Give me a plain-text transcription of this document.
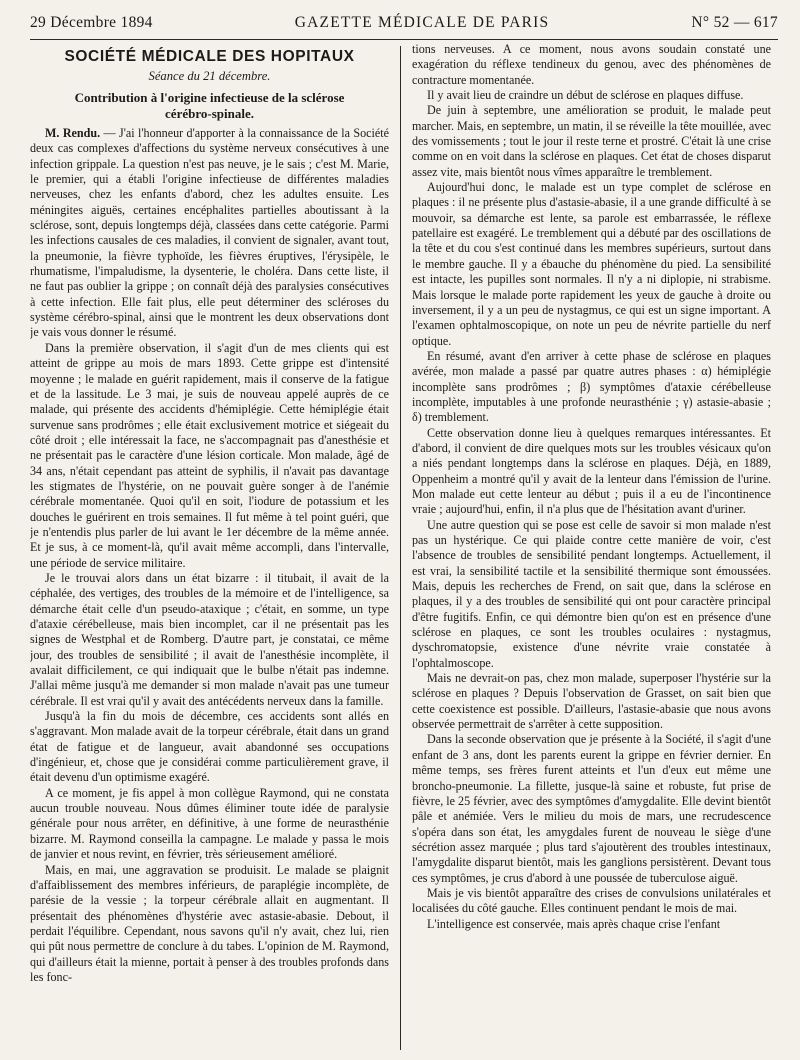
29 Décembre 1894	GAZETTE MÉDICALE DE PARIS	N° 52 — 617
SOCIÉTÉ MÉDICALE DES HOPITAUX
Séance du 21 décembre.
Contribution à l'origine infectieuse de la sclérose
cérébro-spinale.

M. Rendu. — J'ai l'honneur d'apporter à la connaissance de la Société deux cas complexes d'affections du système nerveux consécutives à une infection grippale. La question n'est pas neuve, je le sais ; c'est M. Marie, le premier, qui a établi l'origine infectieuse de différentes maladies nerveuses, chez les enfants d'abord, chez les adultes ensuite. Les méningites aiguës, certaines encéphalites partielles aboutissant à la sclérose, sont, depuis longtemps déjà, classées dans cette catégorie. Parmi les infections causales de ces maladies, il convient de signaler, avant tout, la pneumonie, la fièvre typhoïde, les fièvres éruptives, l'érysipèle, le rhumatisme, l'impaludisme, la dysenterie, le choléra. Dans cette liste, il ne faut pas oublier la grippe ; on connaît déjà des paralysies consécutives à cette infection. Elle fait plus, elle peut déterminer des scléroses du système cérébro-spinal, ainsi que le montrent les deux observations dont je vais vous donner le résumé.

Dans la première observation, il s'agit d'un de mes clients qui est atteint de grippe au mois de mars 1893. Cette grippe est d'intensité moyenne ; le malade en guérit rapidement, mais il conserve de la fatigue et de la lassitude. Le 3 mai, je suis de nouveau appelé auprès de ce malade, qui présente des accidents d'hémiplégie. Cette hémiplégie était survenue sans prodrômes ; elle était exclusivement motrice et siégeait du côté droit ; elle intéressait la face, ne s'accompagnait pas d'anesthésie et ne présentait pas le caractère d'une lésion corticale. Mon malade, âgé de 34 ans, n'était cependant pas atteint de syphilis, il n'avait pas davantage les stigmates de l'hystérie, on ne pouvait guère songer à de l'anémie cérébrale momentanée. Quoi qu'il en soit, l'iodure de potassium et les douches le guérirent en trois semaines. Il fut même à tel point guéri, que je n'entendis plus parler de lui avant le 1er décembre de la même année. Et je sus, à ce moment-là, qu'il avait même accompli, dans l'intervalle, une période de service militaire.

Je le trouvai alors dans un état bizarre : il titubait, il avait de la céphalée, des vertiges, des troubles de la mémoire et de l'intelligence, sa démarche était celle d'un pseudo-ataxique ; c'était, en somme, un type d'ataxie cérébelleuse, mais bien incomplet, car il ne présentait pas les signes de Westphal et de Romberg. D'autre part, je constatai, ce même jour, des troubles de sensibilité ; il avait de l'anesthésie incomplète, il avalait difficilement, ce qui indiquait que le bulbe n'était pas indemne. J'allai même jusqu'à me demander si mon malade n'avait pas une tumeur cérébrale. Il est vrai qu'il y avait des antécédents nerveux dans la famille.

Jusqu'à la fin du mois de décembre, ces accidents sont allés en s'aggravant. Mon malade avait de la torpeur cérébrale, était dans un grand état de fatigue et de langueur, avait abandonné ses occupations d'ingénieur, et, chose que je considérai comme particulièrement grave, il était devenu d'un optimisme exagéré.

A ce moment, je fis appel à mon collègue Raymond, qui ne constata aucun trouble nouveau. Nous dûmes éliminer toute idée de paralysie générale pour nous arrêter, en définitive, à une forme de neurasthénie bizarre. M. Raymond conseilla la campagne. Le malade y passa le mois de janvier et nous revint, en février, très sérieusement amélioré.

Mais, en mai, une aggravation se produisit. Le malade se plaignit d'affaiblissement des membres inférieurs, de paraplégie incomplète, de parésie de la vessie ; la torpeur cérébrale allait en augmentant. Il présentait des phénomènes d'hystérie avec astasie-abasie. Debout, il perdait l'équilibre. Cependant, nous savons qu'il n'y avait, chez lui, rien qui pût nous permettre de conclure à du tabes. L'opinion de M. Raymond, qui d'ailleurs était la mienne, portait à penser à des troubles profonds dans les fonc-

tions nerveuses. A ce moment, nous avons soudain constaté une exagération du réflexe tendineux du genou, avec des phénomènes de contracture momentanée.

Il y avait lieu de craindre un début de sclérose en plaques diffuse.

De juin à septembre, une amélioration se produit, le malade peut marcher. Mais, en septembre, un matin, il se réveille la tête mouillée, avec des vomissements ; tout le jour il reste terne et prostré. C'était là une crise comme on en voit dans la sclérose en plaques. Cet état de choses disparut assez vite, mais bientôt nous vîmes apparaître le tremblement.

Aujourd'hui donc, le malade est un type complet de sclérose en plaques : il ne présente plus d'astasie-abasie, il a une grande difficulté à se mouvoir, sa démarche est lente, sa parole est embarrassée, le réflexe patellaire est exagéré. Le tremblement qui a débuté par des oscillations de la tête et du cou s'est continué dans les membres supérieurs, surtout dans le membre gauche. Il y a ébauche du phénomène du pied. La sensibilité est intacte, les pupilles sont normales. Il n'y a ni diplopie, ni strabisme. Mais lorsque le malade porte rapidement les yeux de gauche à droite ou inversement, il y a un peu de nystagmus, ce qui est un signe important. A l'examen ophtalmoscopique, on note un peu de névrite partielle du nerf optique.

En résumé, avant d'en arriver à cette phase de sclérose en plaques avérée, mon malade a passé par quatre autres phases : α) hémiplégie incomplète sans prodrômes ; β) symptômes d'ataxie cérébelleuse incomplète, imputables à une profonde neurasthénie ; γ) astasie-abasie ; δ) tremblement.

Cette observation donne lieu à quelques remarques intéressantes. Et d'abord, il convient de dire quelques mots sur les troubles vésicaux qu'on a niés pendant longtemps dans la sclérose en plaques. Déjà, en 1889, Oppenheim a montré qu'il y avait de la lenteur dans l'émission de l'urine. Mon malade eut cette lenteur au début ; puis il a eu de l'incontinence vraie ; aujourd'hui, enfin, il n'a plus que de l'hésitation avant d'uriner.

Une autre question qui se pose est celle de savoir si mon malade n'est pas un hystérique. Ce qui plaide contre cette manière de voir, c'est l'absence de troubles de sensibilité pendant longtemps. Actuellement, il est vrai, la sensibilité tactile et la sensibilité thermique sont émoussées. Mais, depuis les recherches de Frend, on sait que, dans la sclérose en plaques, il y a des troubles de sensibilité qui ont pour caractère principal d'être fugitifs. Enfin, ce qui démontre bien qu'on est en présence d'une sclérose en plaques, ce sont les troubles oculaires : nystagmus, dyschromatopsie, existence d'une névrite vraie constatée à l'ophtalmoscope.

Mais ne devrait-on pas, chez mon malade, superposer l'hystérie sur la sclérose en plaques ? Depuis l'observation de Grasset, on sait bien que cette coexistence est possible. D'ailleurs, l'astasie-abasie que nous avons observée permettrait de s'arrêter à cette supposition.

Dans la seconde observation que je présente à la Société, il s'agit d'une enfant de 3 ans, dont les parents eurent la grippe en février dernier. En même temps, ses frères furent atteints et l'un d'eux eut même une broncho-pneumonie. La fillette, jusque-là saine et robuste, fut prise de fièvre, le 25 février, avec des symptômes d'amygdalite. Elle devint bientôt pâle et anémiée. Vers le milieu du mois de mars, une recrudescence s'opéra dans son état, les amygdales furent de nouveau le siège d'une sécrétion assez marquée ; plus tard s'ajoutèrent des troubles intestinaux, l'amygdalite disparut bientôt, mais les ganglions persistèrent. Devant tous ces symptômes, je crus d'abord à une poussée de tuberculose aiguë.

Mais je vis bientôt apparaître des crises de convulsions unilatérales et localisées du côté gauche. Elles continuent pendant le mois de mai.

L'intelligence est conservée, mais après chaque crise l'enfant
